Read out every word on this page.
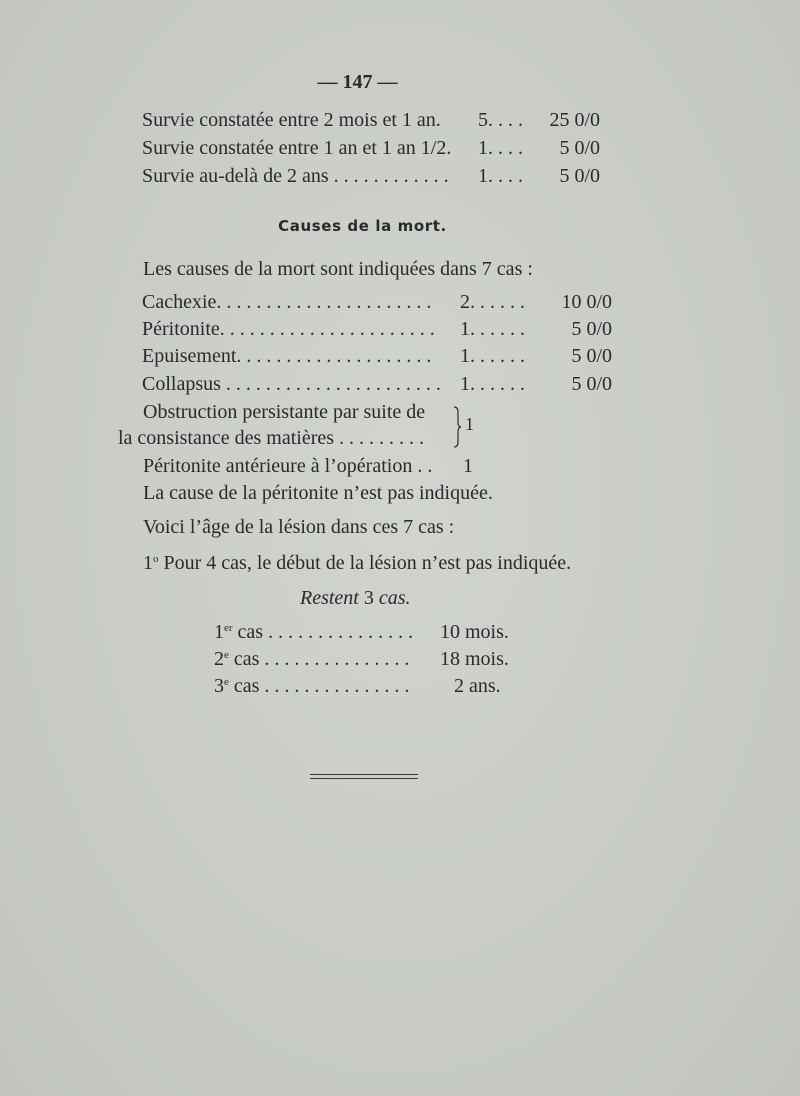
— 147 —
Survie constatée entre 2 mois et 1 an. 5. . . . 25 0/0
Survie constatée entre 1 an et 1 an 1/2. 1. . . . 5 0/0
Survie au-delà de 2 ans . . . . . . . . . . . . 1. . . . 5 0/0
Causes de la mort.
Les causes de la mort sont indiquées dans 7 cas :
Cachexie. . . . . . . . . . . . . . . . . . . . . . 2. . . . . . 10 0/0
Péritonite. . . . . . . . . . . . . . . . . . . . . . 1. . . . . . 5 0/0
Epuisement. . . . . . . . . . . . . . . . . . . . 1. . . . . . 5 0/0
Collapsus . . . . . . . . . . . . . . . . . . . . . . 1. . . . . . 5 0/0
Obstruction persistante par suite de
la consistance des matières . . . . . . . . .
1
Péritonite antérieure à l’opération . . 1
La cause de la péritonite n’est pas indiquée.
Voici l’âge de la lésion dans ces 7 cas :
1$^o$ Pour 4 cas, le début de la lésion n’est pas indiquée.
Restent 3 cas.
1er cas . . . . . . . . . . . . . . . 10 mois.
2e cas . . . . . . . . . . . . . . . 18 mois.
3e cas . . . . . . . . . . . . . . . 2 ans.
